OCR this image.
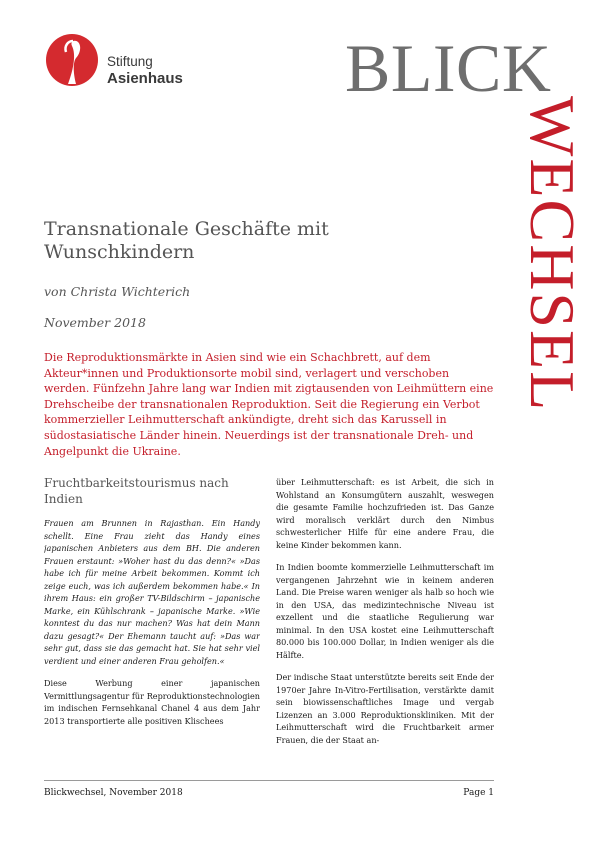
Stiftung
Asienhaus BLICK
WECHSEL
Transnationale Geschäfte mit Wunschkindern
von Christa Wichterich
November 2018

Die Reproduktionsmärkte in Asien sind wie ein Schachbrett, auf dem Akteur*innen und Produktionsorte mobil sind, verlagert und verschoben werden. Fünfzehn Jahre lang war Indien mit zigtausenden von Leihmüttern eine Drehscheibe der transnationalen Reproduktion. Seit die Regierung ein Verbot kommerzieller Leihmutterschaft ankündigte, dreht sich das Karussell in südostasiatische Länder hinein. Neuerdings ist der transnationale Dreh- und Angelpunkt die Ukraine.

Fruchtbarkeitstourismus nach Indien

Frauen am Brunnen in Rajasthan. Ein Handy schellt. Eine Frau zieht das Handy eines japanischen Anbieters aus dem BH. Die anderen Frauen erstaunt: »Woher hast du das denn?« »Das habe ich für meine Arbeit bekommen. Kommt ich zeige euch, was ich außerdem bekommen habe.« In ihrem Haus: ein großer TV-Bildschirm – japanische Marke, ein Kühlschrank – japanische Marke. »Wie konntest du das nur machen? Was hat dein Mann dazu gesagt?« Der Ehemann taucht auf: »Das war sehr gut, dass sie das gemacht hat. Sie hat sehr viel verdient und einer anderen Frau geholfen.«

Diese Werbung einer japanischen Vermittlungsagentur für Reproduktionstechnologien im indischen Fernsehkanal Chanel 4 aus dem Jahr 2013 transportierte alle positiven Klischees

über Leihmutterschaft: es ist Arbeit, die sich in Wohlstand an Konsumgütern auszahlt, weswegen die gesamte Familie hochzufrieden ist. Das Ganze wird moralisch verklärt durch den Nimbus schwesterlicher Hilfe für eine andere Frau, die keine Kinder bekommen kann.

In Indien boomte kommerzielle Leihmutterschaft im vergangenen Jahrzehnt wie in keinem anderen Land. Die Preise waren weniger als halb so hoch wie in den USA, das medizintechnische Niveau ist exzellent und die staatliche Regulierung war minimal. In den USA kostet eine Leihmutterschaft 80.000 bis 100.000 Dollar, in Indien weniger als die Hälfte.

Der indische Staat unterstützte bereits seit Ende der 1970er Jahre In-Vitro-Fertilisation, verstärkte damit sein biowissenschaftliches Image und vergab Lizenzen an 3.000 Reproduktionskliniken. Mit der Leihmutterschaft wird die Fruchtbarkeit armer Frauen, die der Staat an-

Blickwechsel, November 2018	Page 1
